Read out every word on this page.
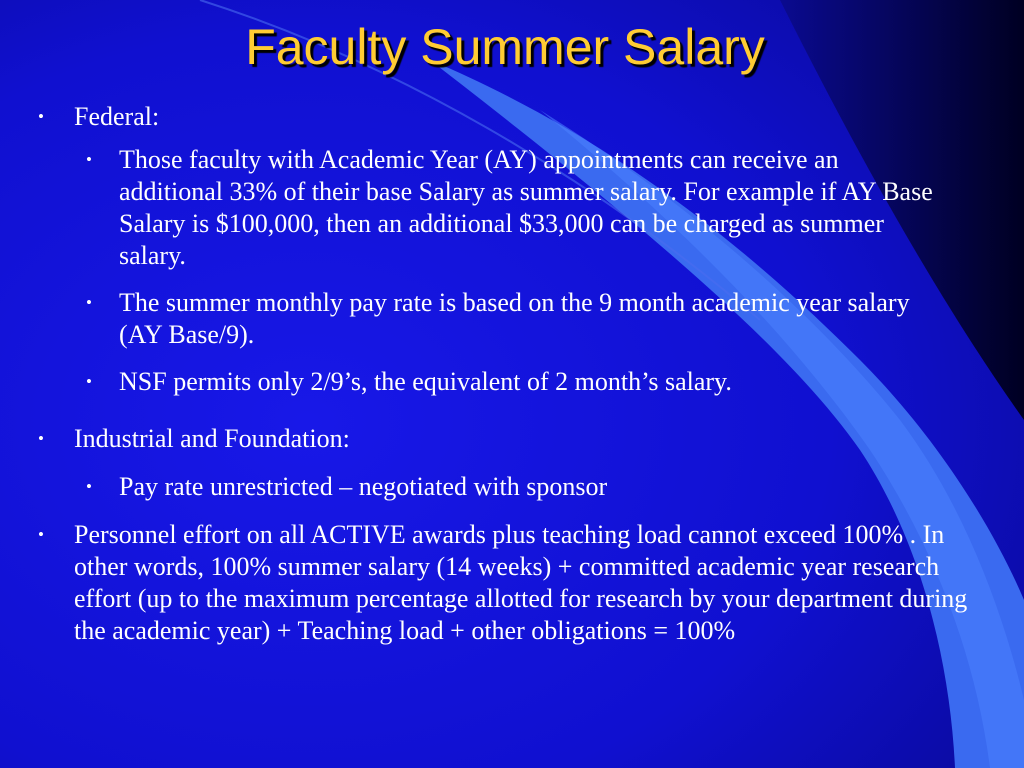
Faculty Summer Salary
• Federal:
• Those faculty with Academic Year (AY) appointments can receive an additional 33% of their base Salary as summer salary. For example if AY Base Salary is $100,000, then an additional $33,000 can be charged as summer salary.
• The summer monthly pay rate is based on the 9 month academic year salary (AY Base/9).
• NSF permits only 2/9’s, the equivalent of 2 month’s salary.
• Industrial and Foundation:
• Pay rate unrestricted – negotiated with sponsor
• Personnel effort on all ACTIVE awards plus teaching load cannot exceed 100% . In other words, 100% summer salary (14 weeks) + committed academic year research effort (up to the maximum percentage allotted for research by your department during the academic year) + Teaching load + other obligations = 100%
